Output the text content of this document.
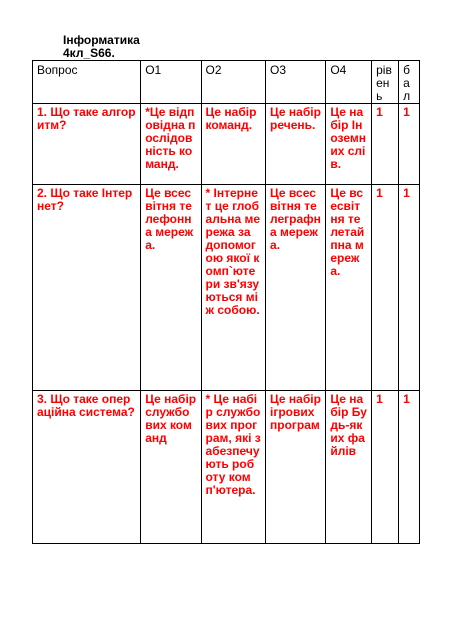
Інформатика
4кл_S66.
Вопрос	О1	О2	О3	О4	рівень	бал

1. Що таке алгоритм?	*Це відповідна послідовність команд.	Це набір команд.	Це набір речень.	Це набір Іноземних слів.	1	1

2. Що таке Інтернет?	Це всесвітня телефонна мережа.	* Інтернет це глобальна мережа за допомогою якої комп`ютери зв'язуються між собою.	Це всесвітня телеграфна мережа.	Це всесвітня телетайпна мережа.	1	1

3. Що таке операційна система?	Це набір службових команд	* Це набір службових програм, які забезпечують роботу комп'ютера.	Це набір ігрових програм	Це набір Будь-яких файлів	1	1
